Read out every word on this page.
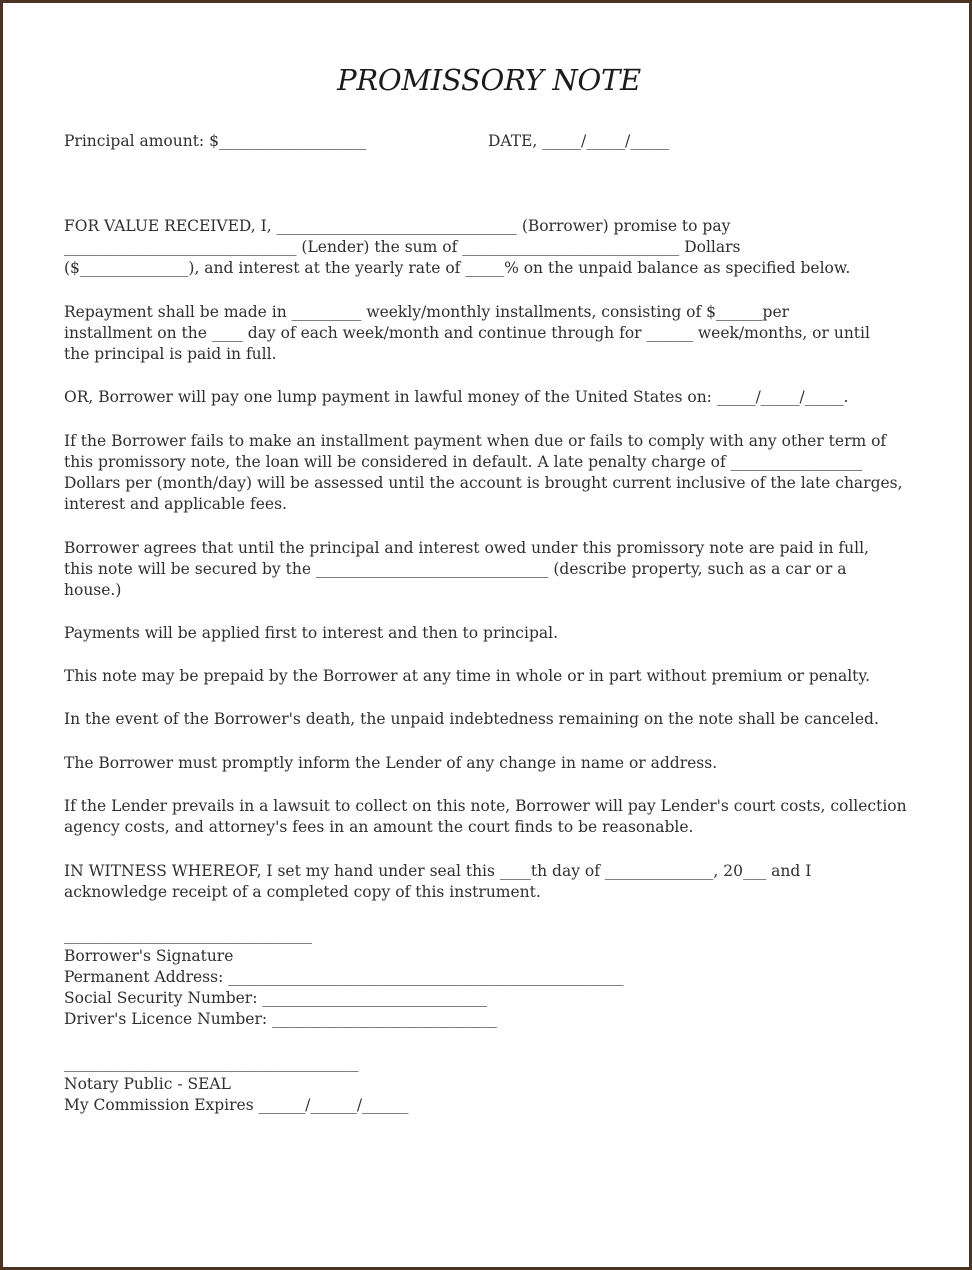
PROMISSORY NOTE
Principal amount: $___________________	DATE, _____/_____/_____
FOR VALUE RECEIVED, I, _______________________________ (Borrower) promise to pay
______________________________ (Lender) the sum of ____________________________ Dollars
($______________), and interest at the yearly rate of _____% on the unpaid balance as specified below.
Repayment shall be made in _________ weekly/monthly installments, consisting of $______per
installment on the ____ day of each week/month and continue through for ______ week/months, or until
the principal is paid in full.
OR, Borrower will pay one lump payment in lawful money of the United States on: _____/_____/_____.
If the Borrower fails to make an installment payment when due or fails to comply with any other term of
this promissory note, the loan will be considered in default. A late penalty charge of _________________
Dollars per (month/day) will be assessed until the account is brought current inclusive of the late charges,
interest and applicable fees.
Borrower agrees that until the principal and interest owed under this promissory note are paid in full,
this note will be secured by the ______________________________ (describe property, such as a car or a
house.)
Payments will be applied first to interest and then to principal.
This note may be prepaid by the Borrower at any time in whole or in part without premium or penalty.
In the event of the Borrower's death, the unpaid indebtedness remaining on the note shall be canceled.
The Borrower must promptly inform the Lender of any change in name or address.
If the Lender prevails in a lawsuit to collect on this note, Borrower will pay Lender's court costs, collection
agency costs, and attorney's fees in an amount the court finds to be reasonable.
IN WITNESS WHEREOF, I set my hand under seal this ____th day of ______________, 20___ and I
acknowledge receipt of a completed copy of this instrument.
________________________________
Borrower's Signature
Permanent Address: ___________________________________________________
Social Security Number: _____________________________
Driver's Licence Number: _____________________________
______________________________________
Notary Public - SEAL
My Commission Expires ______/______/______
